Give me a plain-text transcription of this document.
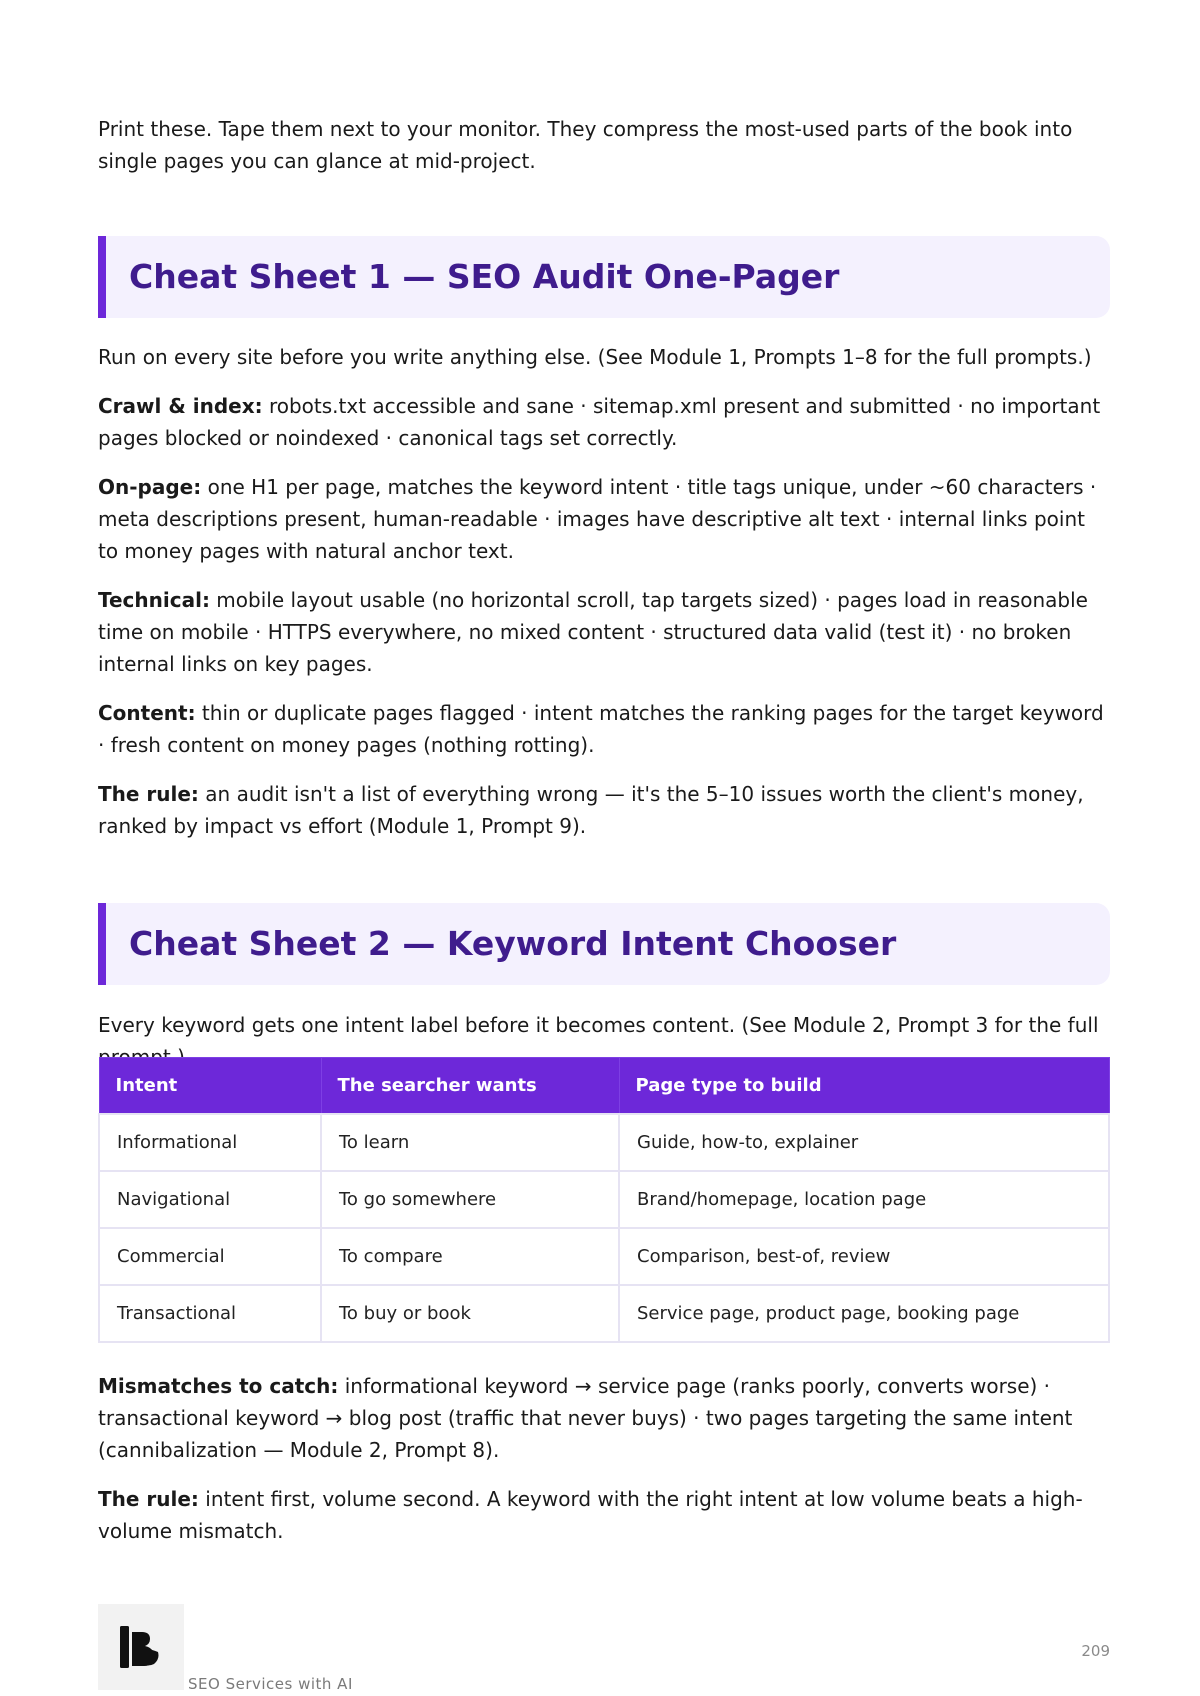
Print these. Tape them next to your monitor. They compress the most-used parts of the book into single pages you can glance at mid-project.

Cheat Sheet 1 — SEO Audit One-Pager

Run on every site before you write anything else. (See Module 1, Prompts 1–8 for the full prompts.)

Crawl & index: robots.txt accessible and sane · sitemap.xml present and submitted · no important pages blocked or noindexed · canonical tags set correctly.

On-page: one H1 per page, matches the keyword intent · title tags unique, under ~60 characters · meta descriptions present, human-readable · images have descriptive alt text · internal links point to money pages with natural anchor text.

Technical: mobile layout usable (no horizontal scroll, tap targets sized) · pages load in reasonable time on mobile · HTTPS everywhere, no mixed content · structured data valid (test it) · no broken internal links on key pages.

Content: thin or duplicate pages flagged · intent matches the ranking pages for the target keyword · fresh content on money pages (nothing rotting).

The rule: an audit isn't a list of everything wrong — it's the 5–10 issues worth the client's money, ranked by impact vs effort (Module 1, Prompt 9).

Cheat Sheet 2 — Keyword Intent Chooser

Every keyword gets one intent label before it becomes content. (See Module 2, Prompt 3 for the full

Intent	The searcher wants	Page type to build
Informational	To learn	Guide, how-to, explainer
Navigational	To go somewhere	Brand/homepage, location page
Commercial	To compare	Comparison, best-of, review
Transactional	To buy or book	Service page, product page, booking page

Mismatches to catch: informational keyword → service page (ranks poorly, converts worse) · transactional keyword → blog post (traffic that never buys) · two pages targeting the same intent (cannibalization — Module 2, Prompt 8).

The rule: intent first, volume second. A keyword with the right intent at low volume beats a high-volume mismatch.

SEO Services with AI
209
